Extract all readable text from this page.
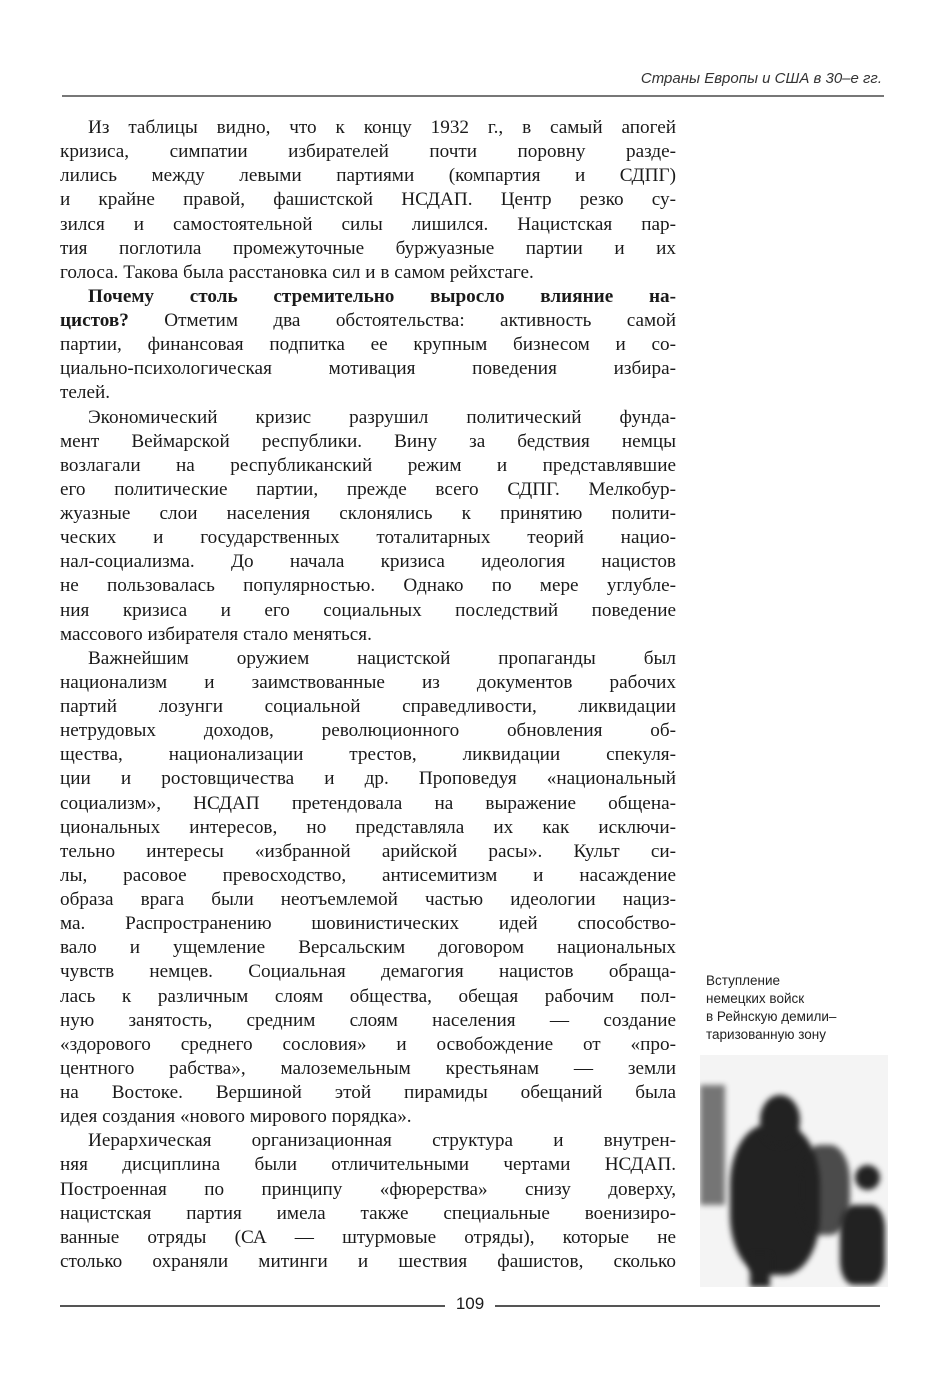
Страны Европы и США в 30–е гг.
Из таблицы видно, что к концу 1932 г., в самый апогей
кризиса, симпатии избирателей почти поровну разде-
лились между левыми партиями (компартия и СДПГ)
и крайне правой, фашистской НСДАП. Центр резко су-
зился и самостоятельной силы лишился. Нацистская пар-
тия поглотила промежуточные буржуазные партии и их
голоса. Такова была расстановка сил и в самом рейхстаге.
Почему столь стремительно выросло влияние на-
цистов? Отметим два обстоятельства: активность самой
партии, финансовая подпитка ее крупным бизнесом и со-
циально-психологическая мотивация поведения избира-
телей.
Экономический кризис разрушил политический фунда-
мент Веймарской республики. Вину за бедствия немцы
возлагали на республиканский режим и представлявшие
его политические партии, прежде всего СДПГ. Мелкобур-
жуазные слои населения склонялись к принятию полити-
ческих и государственных тоталитарных теорий нацио-
нал-социализма. До начала кризиса идеология нацистов
не пользовалась популярностью. Однако по мере углубле-
ния кризиса и его социальных последствий поведение
массового избирателя стало меняться.
Важнейшим оружием нацистской пропаганды был
национализм и заимствованные из документов рабочих
партий лозунги социальной справедливости, ликвидации
нетрудовых доходов, революционного обновления об-
щества, национализации трестов, ликвидации спекуля-
ции и ростовщичества и др. Проповедуя «национальный
социализм», НСДАП претендовала на выражение общена-
циональных интересов, но представляла их как исключи-
тельно интересы «избранной арийской расы». Культ си-
лы, расовое превосходство, антисемитизм и насаждение
образа врага были неотъемлемой частью идеологии нациз-
ма. Распространению шовинистических идей способство-
вало и ущемление Версальским договором национальных
чувств немцев. Социальная демагогия нацистов обраща-
лась к различным слоям общества, обещая рабочим пол-
ную занятость, средним слоям населения — создание
«здорового среднего сословия» и освобождение от «про-
центного рабства», малоземельным крестьянам — земли
на Востоке. Вершиной этой пирамиды обещаний была
идея создания «нового мирового порядка».
Иерархическая организационная структура и внутрен-
няя дисциплина были отличительными чертами НСДАП.
Построенная по принципу «фюрерства» снизу доверху,
нацистская партия имела также специальные военизиро-
ванные отряды (СА — штурмовые отряды), которые не
столько охраняли митинги и шествия фашистов, сколько
Вступление
немецких войск
в Рейнскую демили–
таризованную зону
109
